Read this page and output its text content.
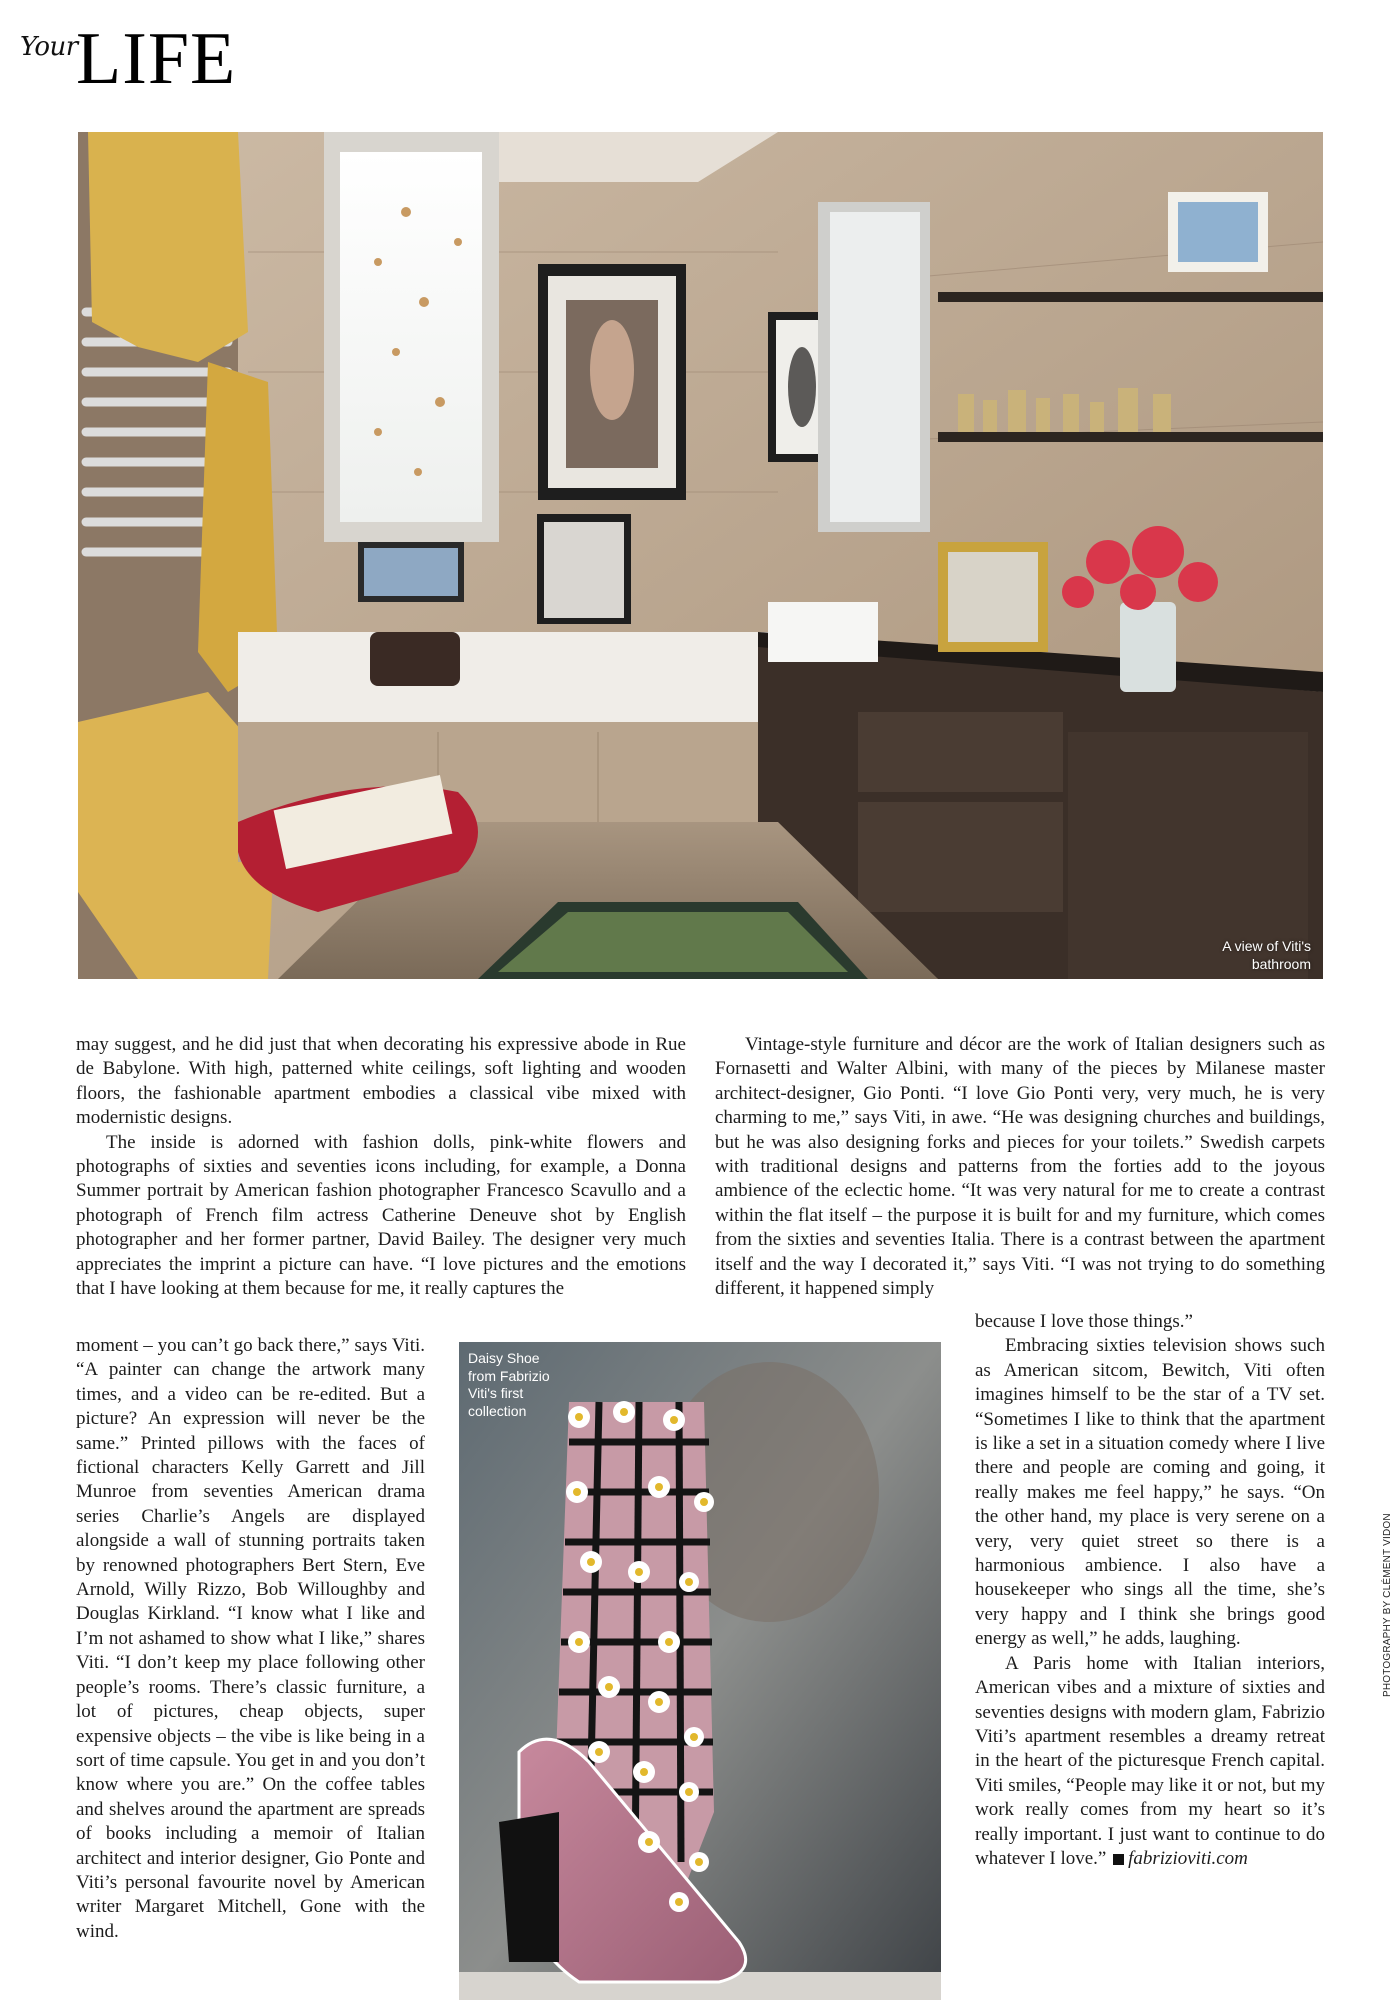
Your
LIFE
A view of Viti's
bathroom

may suggest, and he did just that when decorating his expressive abode in Rue de Babylone. With high, patterned white ceilings, soft lighting and wooden floors, the fashionable apartment embodies a classical vibe mixed with modernistic designs.

The inside is adorned with fashion dolls, pink-white flowers and photographs of sixties and seventies icons including, for example, a Donna Summer portrait by American fashion photographer Francesco Scavullo and a photograph of French film actress Catherine Deneuve shot by English photographer and her former partner, David Bailey. The designer very much appreciates the imprint a picture can have. “I love pictures and the emotions that I have looking at them because for me, it really captures the

moment – you can’t go back there,” says Viti. “A painter can change the artwork many times, and a video can be re-edited. But a picture? An expression will never be the same.” Printed pillows with the faces of fictional characters Kelly Garrett and Jill Munroe from seventies American drama series Charlie’s Angels are displayed alongside a wall of stunning portraits taken by renowned photographers Bert Stern, Eve Arnold, Willy Rizzo, Bob Willoughby and Douglas Kirkland. “I know what I like and I’m not ashamed to show what I like,” shares Viti. “I don’t keep my place following other people’s rooms. There’s classic furniture, a lot of pictures, cheap objects, super expensive objects – the vibe is like being in a sort of time capsule. You get in and you don’t know where you are.” On the coffee tables and shelves around the apartment are spreads of books including a memoir of Italian architect and interior designer, Gio Ponte and Viti’s personal favourite novel by American writer Margaret Mitchell, Gone with the wind.

Vintage-style furniture and décor are the work of Italian designers such as Fornasetti and Walter Albini, with many of the pieces by Milanese master architect-designer, Gio Ponti. “I love Gio Ponti very, very much, he is very charming to me,” says Viti, in awe. “He was designing churches and buildings, but he was also designing forks and pieces for your toilets.” Swedish carpets with traditional designs and patterns from the forties add to the joyous ambience of the eclectic home. “It was very natural for me to create a contrast within the flat itself – the purpose it is built for and my furniture, which comes from the sixties and seventies Italia. There is a contrast between the apartment itself and the way I decorated it,” says Viti. “I was not trying to do something different, it happened simply

because I love those things.”

Embracing sixties television shows such as American sitcom, Bewitch, Viti often imagines himself to be the star of a TV set. “Sometimes I like to think that the apartment is like a set in a situation comedy where I live there and people are coming and going, it really makes me feel happy,” he says. “On the other hand, my place is very serene on a very, very quiet street so there is a harmonious ambience. I also have a housekeeper who sings all the time, she’s very happy and I think she brings good energy as well,” he adds, laughing.

A Paris home with Italian interiors, American vibes and a mixture of sixties and seventies designs with modern glam, Fabrizio Viti’s apartment resembles a dreamy retreat in the heart of the picturesque French capital. Viti smiles, “People may like it or not, but my work really comes from my heart so it’s really important. I just want to continue to do whatever I love.” fabrizioviti.com

Daisy Shoe
from Fabrizio
Viti's first
collection
PHOTOGRAPHY BY CLÉMENT VIDON
